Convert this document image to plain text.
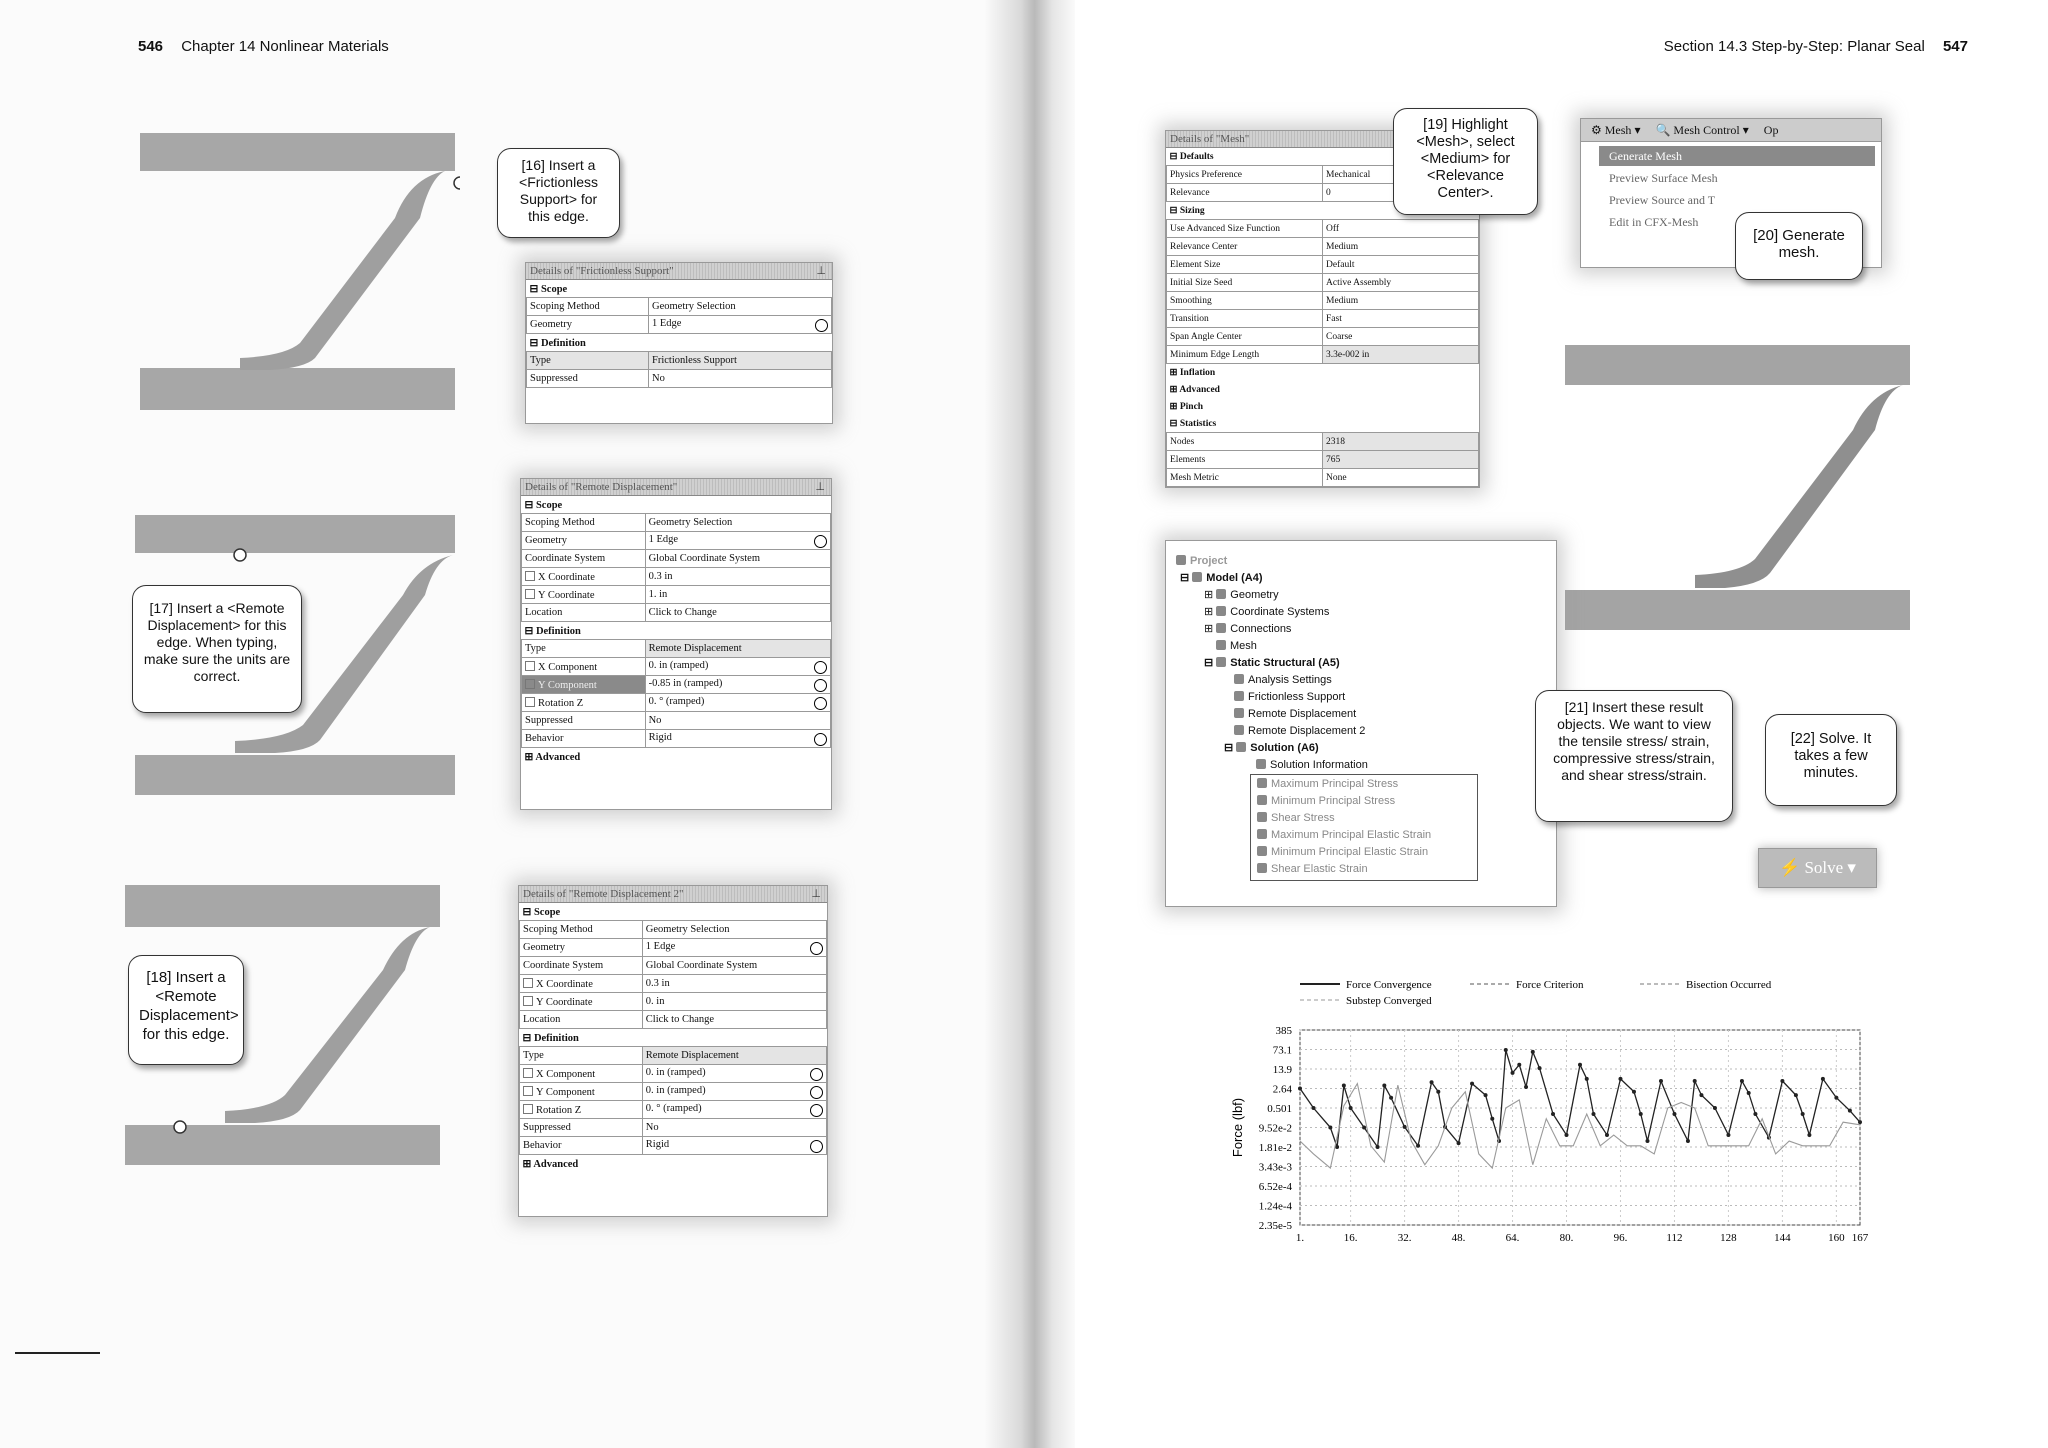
546 Chapter 14 Nonlinear Materials
[16] Insert a <Frictionless Support> for this edge.
[17] Insert a <Remote Displacement> for this edge. When typing, make sure the units are correct.
[18] Insert a <Remote Displacement> for this edge.
Details of "Frictionless Support"	⊥
⊟ Scope	
Scoping Method	Geometry Selection
Geometry	1 Edge

⊟ Definition	
Type	Frictionless Support
Suppressed	No
Details of "Remote Displacement"	⊥
⊟ Scope	
Scoping Method	Geometry Selection
Geometry	1 Edge

Coordinate System	Global Coordinate System
X Coordinate	0.3 in
Y Coordinate	1. in
Location	Click to Change
⊟ Definition	
Type	Remote Displacement
X Component	0. in (ramped)

Y Component	-0.85 in (ramped)

Rotation Z	0. ° (ramped)

Suppressed	No
Behavior	Rigid

⊞ Advanced	
Details of "Remote Displacement 2"	⊥
⊟ Scope	
Scoping Method	Geometry Selection
Geometry	1 Edge

Coordinate System	Global Coordinate System
X Coordinate	0.3 in
Y Coordinate	0. in
Location	Click to Change
⊟ Definition	
Type	Remote Displacement
X Component	0. in (ramped)

Y Component	0. in (ramped)

Rotation Z	0. ° (ramped)

Suppressed	No
Behavior	Rigid

⊞ Advanced	
Section 14.3 Step-by-Step: Planar Seal 547
Details of "Mesh"
⊟ Defaults	
Physics Preference	Mechanical
Relevance	0
⊟ Sizing	
Use Advanced Size Function	Off
Relevance Center	Medium
Element Size	Default
Initial Size Seed	Active Assembly
Smoothing	Medium
Transition	Fast
Span Angle Center	Coarse
Minimum Edge Length	3.3e-002 in
⊞ Inflation	
⊞ Advanced	
⊞ Pinch	
⊟ Statistics	
Nodes	2318
Elements	765
Mesh Metric	None
[19] Highlight <Mesh>, select <Medium> for <Relevance Center>.
⚙ Mesh ▾ 🔍 Mesh Control ▾ Op
Generate Mesh
Preview Surface Mesh
Preview Source and T
Edit in CFX-Mesh
[20] Generate mesh.
Project
⊟ Model (A4)
⊞ Geometry
⊞ Coordinate Systems
⊞ Connections
Mesh
⊟ Static Structural (A5)
Analysis Settings
Frictionless Support
Remote Displacement
Remote Displacement 2
⊟ Solution (A6)
Solution Information
Maximum Principal Stress
Minimum Principal Stress
Shear Stress
Maximum Principal Elastic Strain
Minimum Principal Elastic Strain
Shear Elastic Strain
[21] Insert these result objects. We want to view the tensile stress/ strain, compressive stress/strain, and shear stress/strain.
[22] Solve. It takes a few minutes.
⚡ Solve ▾
Force Convergence	Force Criterion	Bisection Occurred
Substep Converged
385
73.1
13.9
2.64
0.501
9.52e-2
1.81e-2
3.43e-3
6.52e-4
1.24e-4
2.35e-5
1.	16.	32.	48.	64.	80.	96.	112	128	144	160 167
Force (lbf)
